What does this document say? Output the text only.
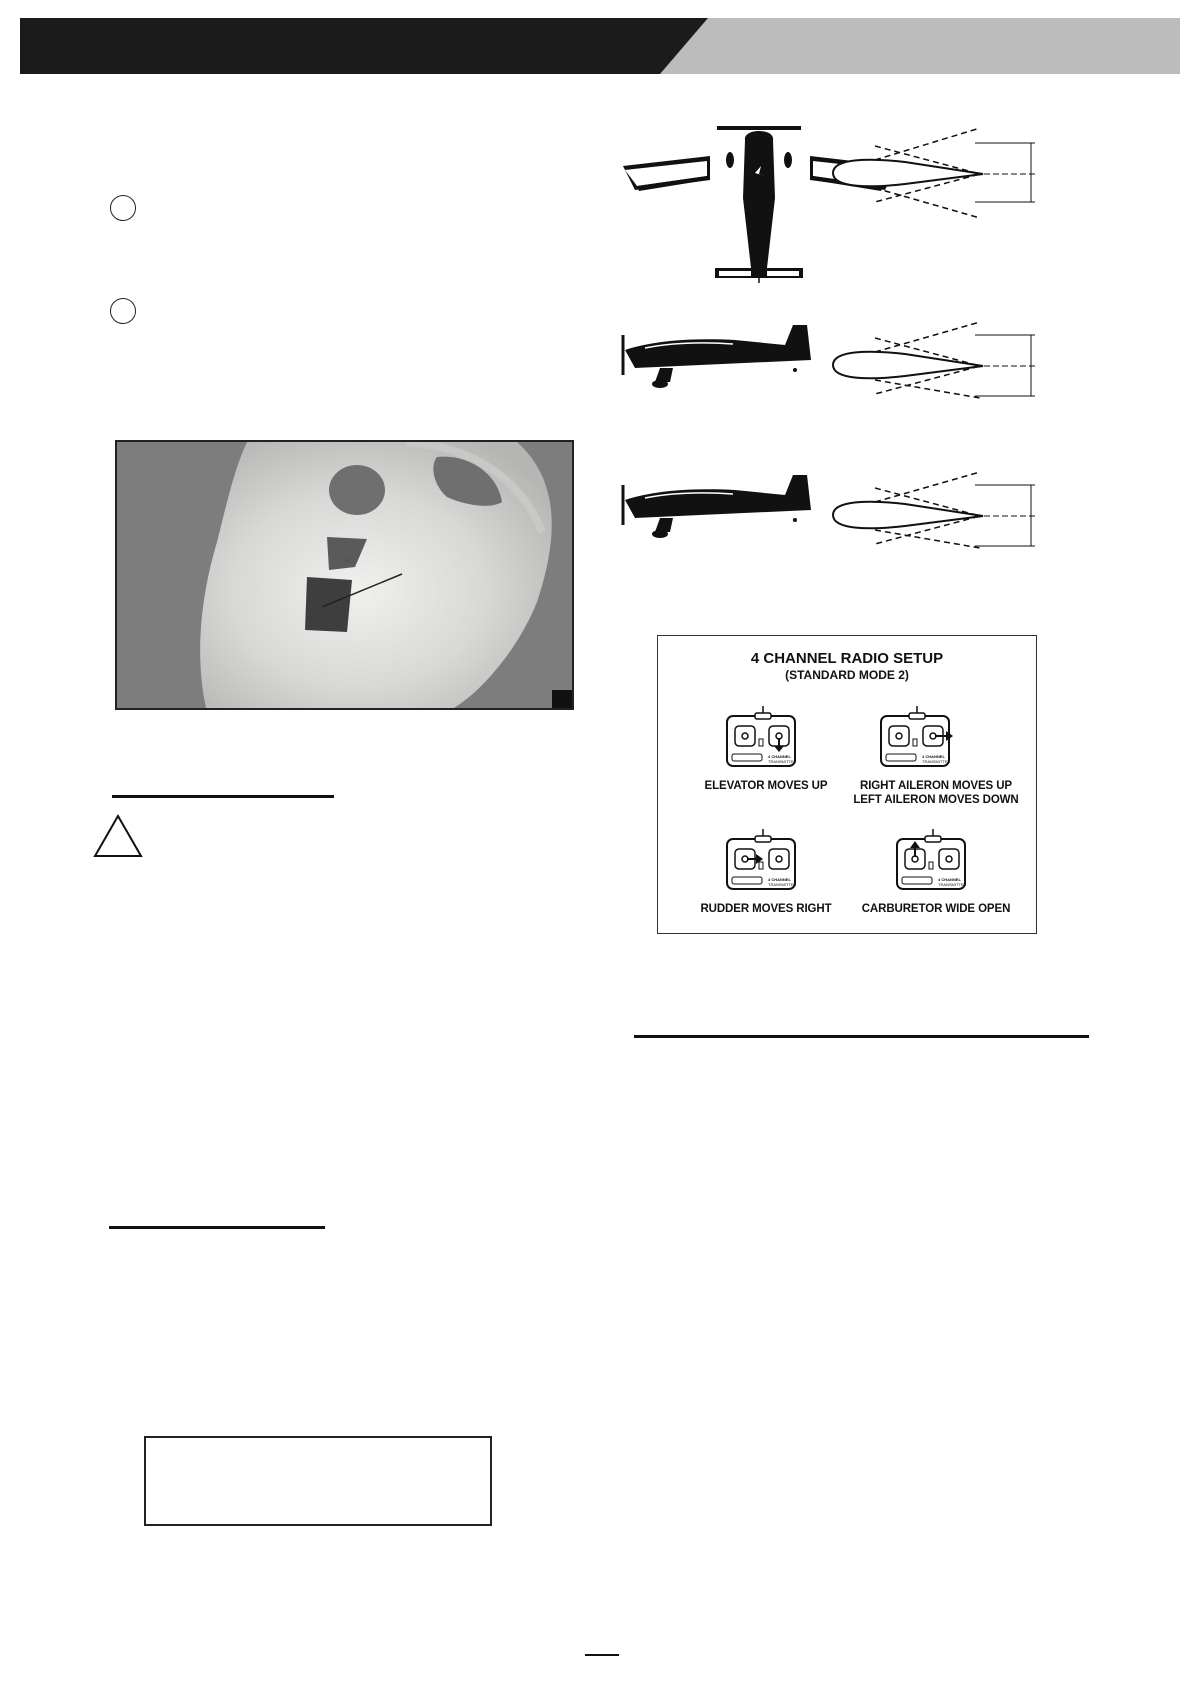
4 CHANNEL RADIO SETUP
(STANDARD MODE 2)
4 CHANNEL
TRANSMITTER
ELEVATOR MOVES UP
4 CHANNEL
TRANSMITTER
RIGHT AILERON MOVES UP
LEFT AILERON MOVES DOWN
4 CHANNEL
TRANSMITTER
RUDDER MOVES RIGHT
4 CHANNEL
TRANSMITTER
CARBURETOR WIDE OPEN
